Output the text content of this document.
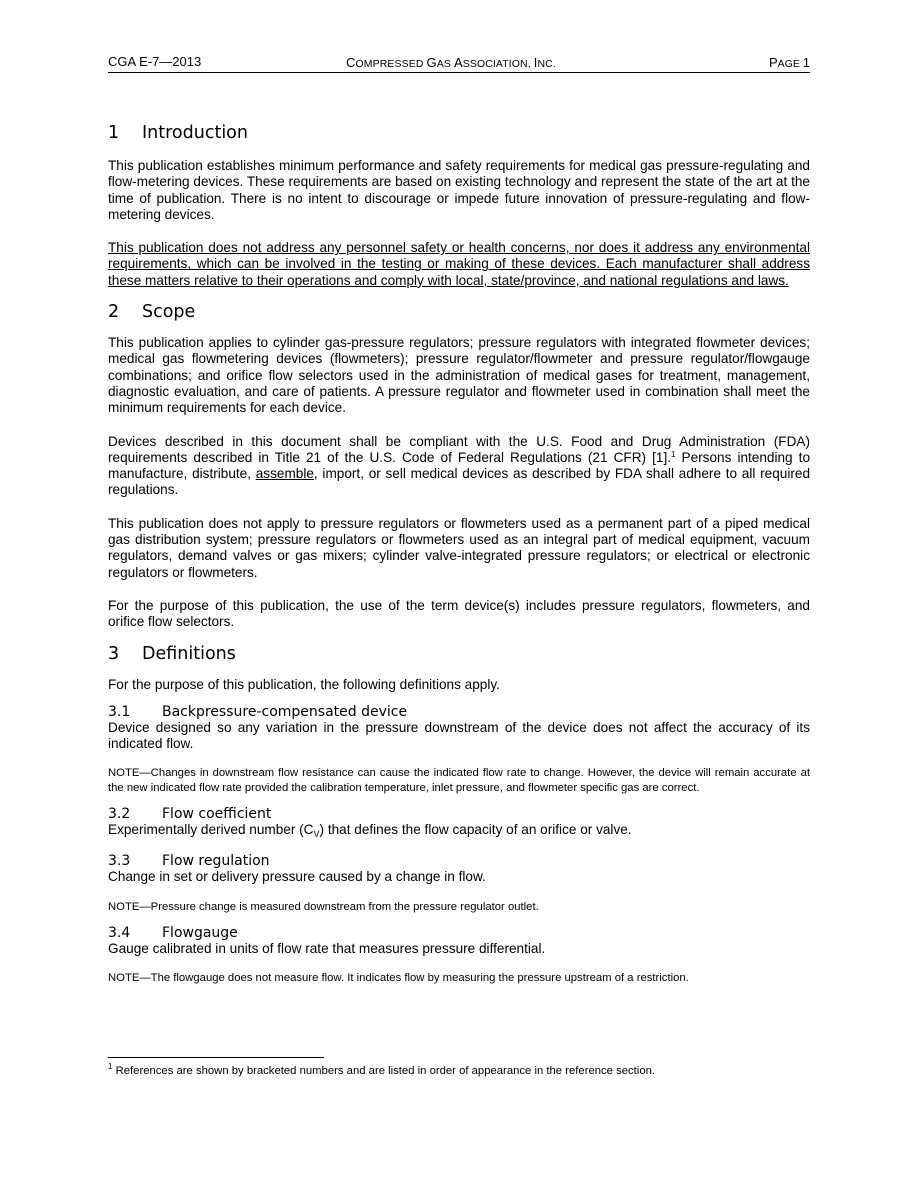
CGA E-7—2013	COMPRESSED GAS ASSOCIATION, INC.	PAGE 1
1 Introduction

This publication establishes minimum performance and safety requirements for medical gas pressure-regulating and flow-metering devices. These requirements are based on existing technology and represent the state of the art at the time of publication. There is no intent to discourage or impede future innovation of pressure-regulating and flow-metering devices.

This publication does not address any personnel safety or health concerns, nor does it address any environmental requirements, which can be involved in the testing or making of these devices. Each manufacturer shall address these matters relative to their operations and comply with local, state/province, and national regulations and laws.

2 Scope

This publication applies to cylinder gas-pressure regulators; pressure regulators with integrated flowmeter devices; medical gas flowmetering devices (flowmeters); pressure regulator/flowmeter and pressure regulator/flowgauge combinations; and orifice flow selectors used in the administration of medical gases for treatment, management, diagnostic evaluation, and care of patients. A pressure regulator and flowmeter used in combination shall meet the minimum requirements for each device.

Devices described in this document shall be compliant with the U.S. Food and Drug Administration (FDA) requirements described in Title 21 of the U.S. Code of Federal Regulations (21 CFR) [1].$^1$ Persons intending to manufacture, distribute, assemble, import, or sell medical devices as described by FDA shall adhere to all required regulations.

This publication does not apply to pressure regulators or flowmeters used as a permanent part of a piped medical gas distribution system; pressure regulators or flowmeters used as an integral part of medical equipment, vacuum regulators, demand valves or gas mixers; cylinder valve-integrated pressure regulators; or electrical or electronic regulators or flowmeters.

For the purpose of this publication, the use of the term device(s) includes pressure regulators, flowmeters, and orifice flow selectors.

3 Definitions

For the purpose of this publication, the following definitions apply.

3.1 Backpressure-compensated device

Device designed so any variation in the pressure downstream of the device does not affect the accuracy of its indicated flow.

NOTE—Changes in downstream flow resistance can cause the indicated flow rate to change. However, the device will remain accurate at the new indicated flow rate provided the calibration temperature, inlet pressure, and flowmeter specific gas are correct.

3.2 Flow coefficient

Experimentally derived number $(C_V)$ that defines the flow capacity of an orifice or valve.

3.3 Flow regulation

Change in set or delivery pressure caused by a change in flow.

NOTE—Pressure change is measured downstream from the pressure regulator outlet.

3.4 Flowgauge

Gauge calibrated in units of flow rate that measures pressure differential.

NOTE—The flowgauge does not measure flow. It indicates flow by measuring the pressure upstream of a restriction.

$^1$ References are shown by bracketed numbers and are listed in order of appearance in the reference section.
